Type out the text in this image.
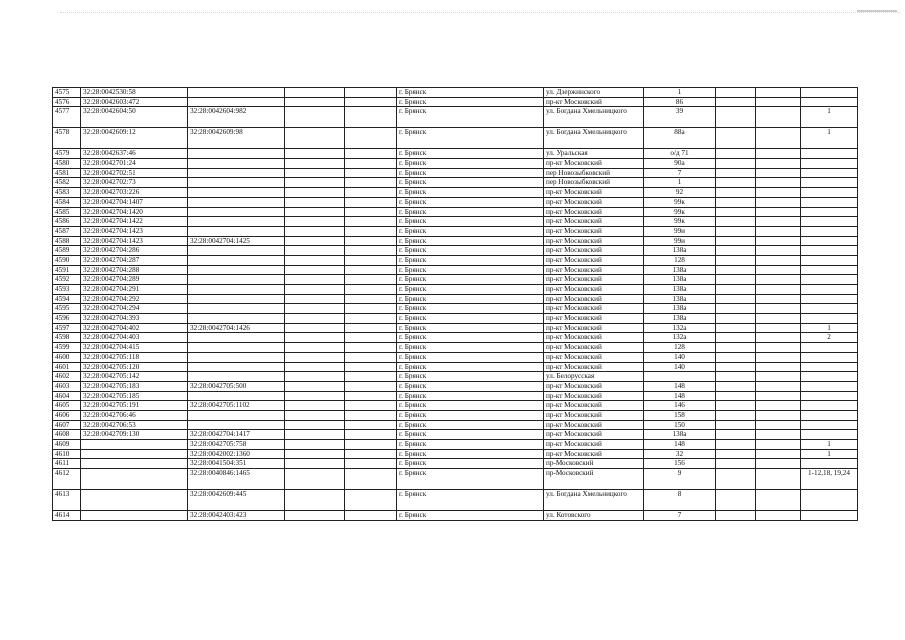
4575	32:28:0042530:58				г. Брянск	ул. Дзержинского	1			
4576	32:28:0042603:472				г. Брянск	пр-кт Московский	86			
4577	32:28:0042604:50	32:28:0042604:982			г. Брянск	ул. Богдана Хмельницкого	39			1
4578	32:28:0042609:12	32:28:0042609:98			г. Брянск	ул. Богдана Хмельницкого	88а			1
4579	32:28:0042637:46				г. Брянск	ул. Уральская	о/д 71			
4580	32:28:0042701:24				г. Брянск	пр-кт Московский	90а			
4581	32:28:0042702:51				г. Брянск	пер Новозыбковский	7			
4582	32:28:0042702:73				г. Брянск	пер Новозыбковский	1			
4583	32:28:0042703:226				г. Брянск	пр-кт Московский	92			
4584	32:28:0042704:1407				г. Брянск	пр-кт Московский	99к			
4585	32:28:0042704:1420				г. Брянск	пр-кт Московский	99к			
4586	32:28:0042704:1422				г. Брянск	пр-кт Московский	99к			
4587	32:28:0042704:1423				г. Брянск	пр-кт Московский	99и			
4588	32:28:0042704:1423	32:28:0042704:1425			г. Брянск	пр-кт Московский	99и			
4589	32:28:0042704:286				г. Брянск	пр-кт Московский	138а			
4590	32:28:0042704:287				г. Брянск	пр-кт Московский	128			
4591	32:28:0042704:288				г. Брянск	пр-кт Московский	138а			
4592	32:28:0042704:289				г. Брянск	пр-кт Московский	138а			
4593	32:28:0042704:291				г. Брянск	пр-кт Московский	138а			
4594	32:28:0042704:292				г. Брянск	пр-кт Московский	138а			
4595	32:28:0042704:294				г. Брянск	пр-кт Московский	138а			
4596	32:28:0042704:393				г. Брянск	пр-кт Московский	138а			
4597	32:28:0042704:402	32:28:0042704:1426			г. Брянск	пр-кт Московский	132а			1
4598	32:28:0042704:403				г. Брянск	пр-кт Московский	132а			2
4599	32:28:0042704:415				г. Брянск	пр-кт Московский	128			
4600	32:28:0042705:118				г. Брянск	пр-кт Московский	140			
4601	32:28:0042705:120				г. Брянск	пр-кт Московский	140			
4602	32:28:0042705:142				г. Брянск	ул. Белорусская				
4603	32:28:0042705:183	32:28:0042705:500			г. Брянск	пр-кт Московский	148			
4604	32:28:0042705:185				г. Брянск	пр-кт Московский	148			
4605	32:28:0042705:191	32:28:0042705:1102			г. Брянск	пр-кт Московский	146			
4606	32:28:0042706:46				г. Брянск	пр-кт Московский	158			
4607	32:28:0042706:53				г. Брянск	пр-кт Московский	150			
4608	32:28:0042709:130	32:28:0042704:1417			г. Брянск	пр-кт Московский	138а			
4609		32:28:0042705:758			г. Брянск	пр-кт Московский	148			1
4610		32:28:0042002:1360			г. Брянск	пр-кт Московский	32			1
4611		32:28:0041504:351			г. Брянск	пр-Московский	156			
4612		32:28:0040846:1465			г. Брянск	пр-Московский	9			1-12,18, 19,24
4613		32:28:0042609:445			г. Брянск	ул. Богдана Хмельницкого	8			
4614		32:28:0042403:423			г. Брянск	ул. Котовского	7			
